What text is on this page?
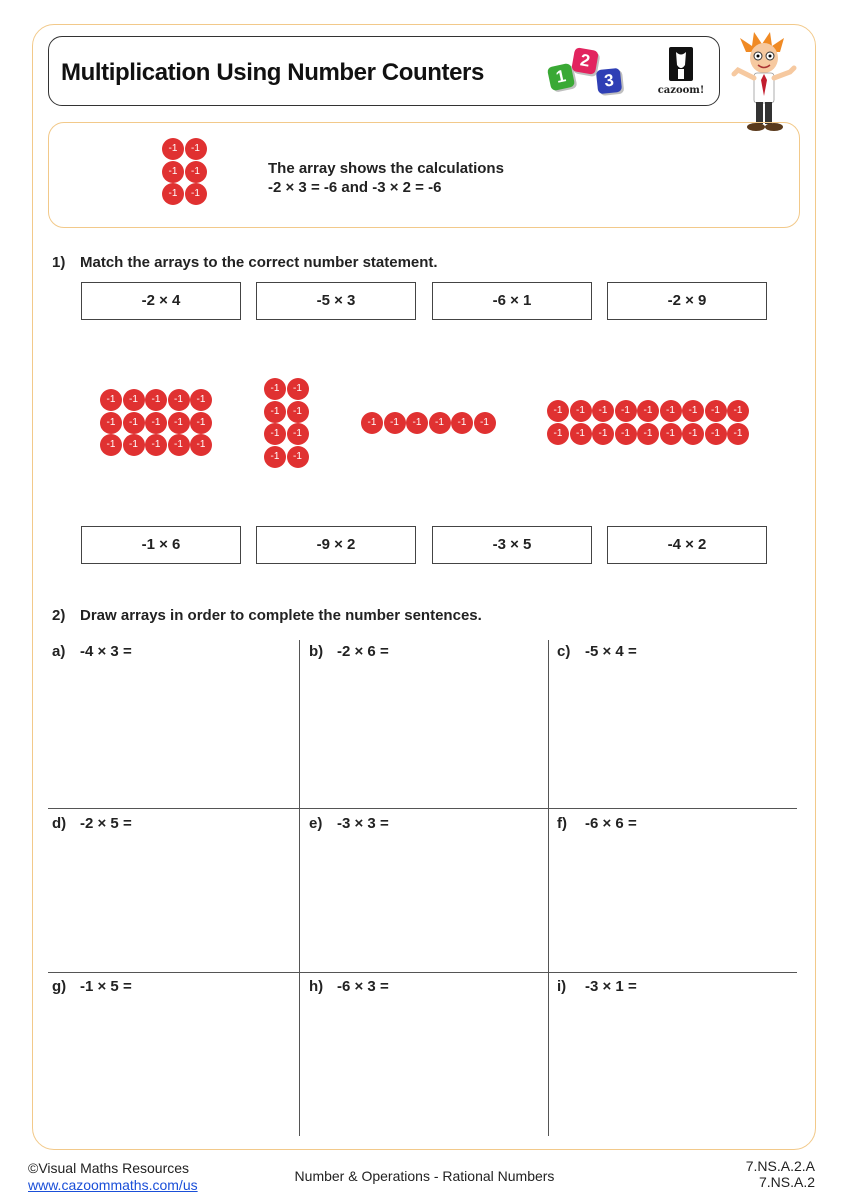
Multiplication Using Number Counters	1
2
3
cazoom!
-1	-1
-1	-1
-1	-1
The array shows the calculations
-2 × 3 = -6 and -3 × 2 = -6
1) Match the arrays to the correct number statement.
-2 × 4	-5 × 3	-6 × 1	-2 × 9
-1	-1	-1	-1	-1
-1	-1	-1	-1	-1
-1	-1	-1	-1	-1
-1	-1
-1	-1
-1	-1
-1	-1
-1	-1	-1	-1	-1	-1
-1	-1	-1	-1	-1	-1	-1	-1	-1
-1	-1	-1	-1	-1	-1	-1	-1	-1
-1 × 6	-9 × 2	-3 × 5	-4 × 2
2) Draw arrays in order to complete the number sentences.
a) -4 × 3 =	b) -2 × 6 =	c) -5 × 4 =
d) -2 × 5 =	e) -3 × 3 =	f) -6 × 6 =
g) -1 × 5 =	h) -6 × 3 =	i) -3 × 1 =
©Visual Maths Resources
www.cazoommaths.com/us
Number & Operations - Rational Numbers
7.NS.A.2.A
7.NS.A.2
